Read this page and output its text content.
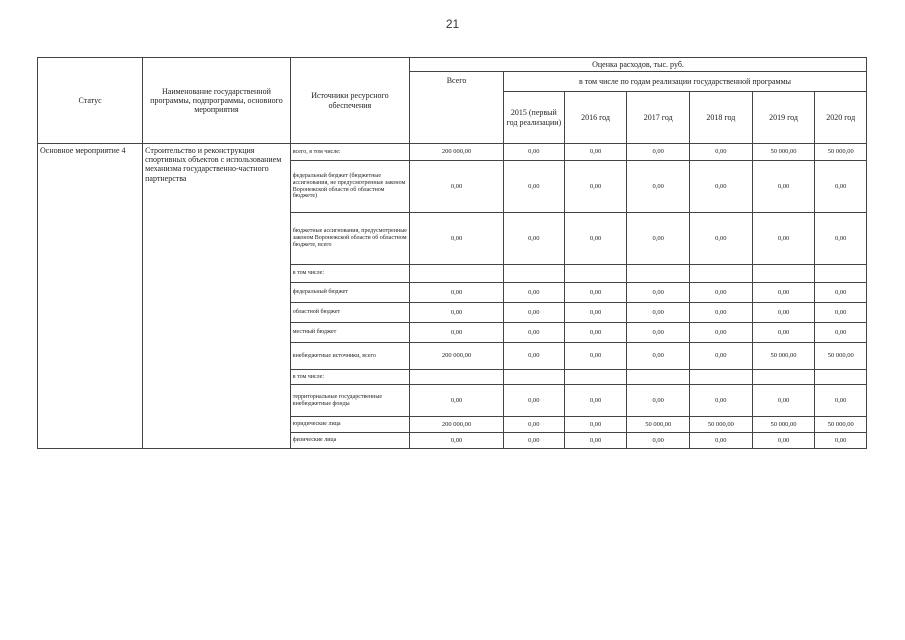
21
Статус	Наименование государственной программы, подпрограммы, основного мероприятия	Источники ресурсного обеспечения	Оценка расходов, тыс. руб.						
			Всего	в том числе по годам реализации государственной программы					
				2015 (первый год реализации)	2016 год	2017 год	2018 год	2019 год	2020 год
Основное мероприятие 4	Строительство и реконструкция спортивных объектов с использованием механизма государственно-частного партнерства	всего, в том числе:	200 000,00	0,00	0,00	0,00	0,00	50 000,00	50 000,00
		федеральный бюджет (бюджетные ассигнования, не предусмотренные законом Воронежской области об областном бюджете)	0,00	0,00	0,00	0,00	0,00	0,00	0,00
		бюджетные ассигнования, предусмотренные законом Воронежской области об областном бюджете, всего	0,00	0,00	0,00	0,00	0,00	0,00	0,00
		в том числе:							
		федеральный бюджет	0,00	0,00	0,00	0,00	0,00	0,00	0,00
		областной бюджет	0,00	0,00	0,00	0,00	0,00	0,00	0,00
		местный бюджет	0,00	0,00	0,00	0,00	0,00	0,00	0,00
		внебюджетные источники, всего	200 000,00	0,00	0,00	0,00	0,00	50 000,00	50 000,00
		в том числе:							
		территориальные государственные внебюджетные фонды	0,00	0,00	0,00	0,00	0,00	0,00	0,00
		юридические лица	200 000,00	0,00	0,00	50 000,00	50 000,00	50 000,00	50 000,00
		физические лица	0,00	0,00	0,00	0,00	0,00	0,00	0,00
